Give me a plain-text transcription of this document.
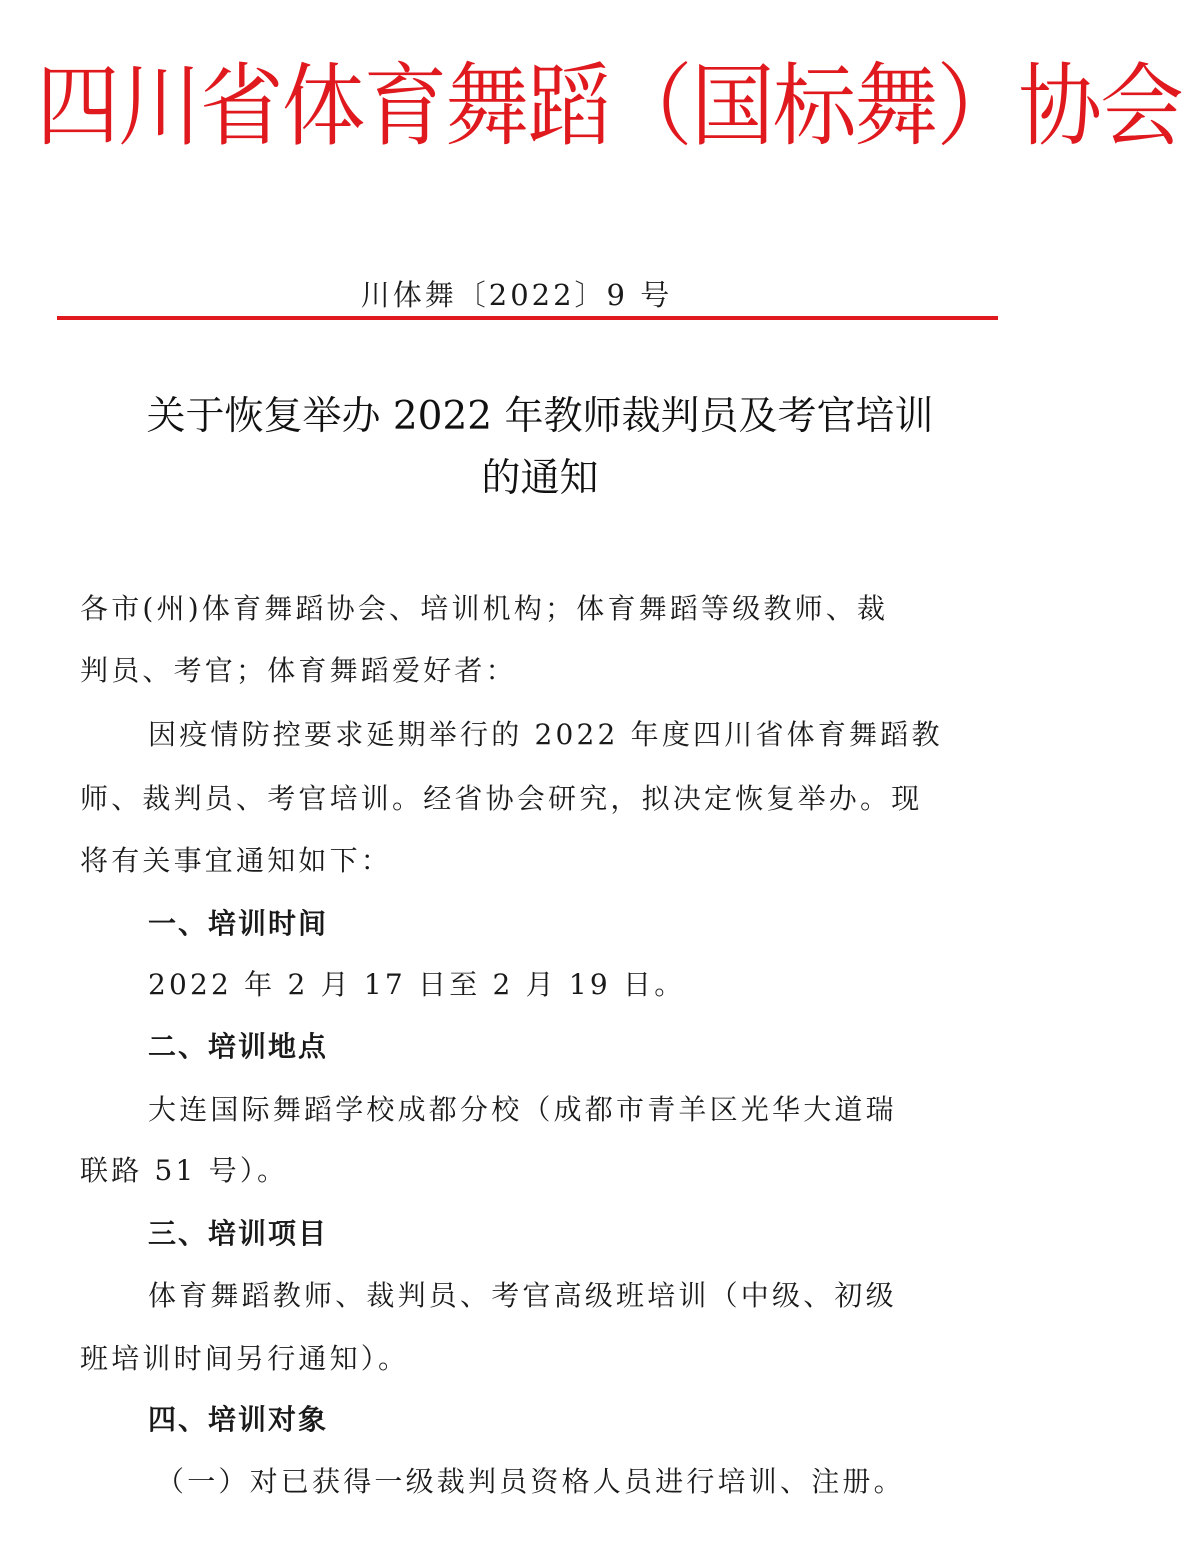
四川省体育舞蹈（国标舞）协会
川体舞〔2022〕9 号
关于恢复举办 2022 年教师裁判员及考官培训
的通知
各市(州)体育舞蹈协会、培训机构；体育舞蹈等级教师、裁
判员、考官；体育舞蹈爱好者：
因疫情防控要求延期举行的 2022 年度四川省体育舞蹈教
师、裁判员、考官培训。经省协会研究，拟决定恢复举办。现
将有关事宜通知如下：
一、培训时间
2022 年 2 月 17 日至 2 月 19 日。
二、培训地点
大连国际舞蹈学校成都分校（成都市青羊区光华大道瑞
联路 51 号）。
三、培训项目
体育舞蹈教师、裁判员、考官高级班培训（中级、初级
班培训时间另行通知）。
四、培训对象
（一）对已获得一级裁判员资格人员进行培训、注册。
